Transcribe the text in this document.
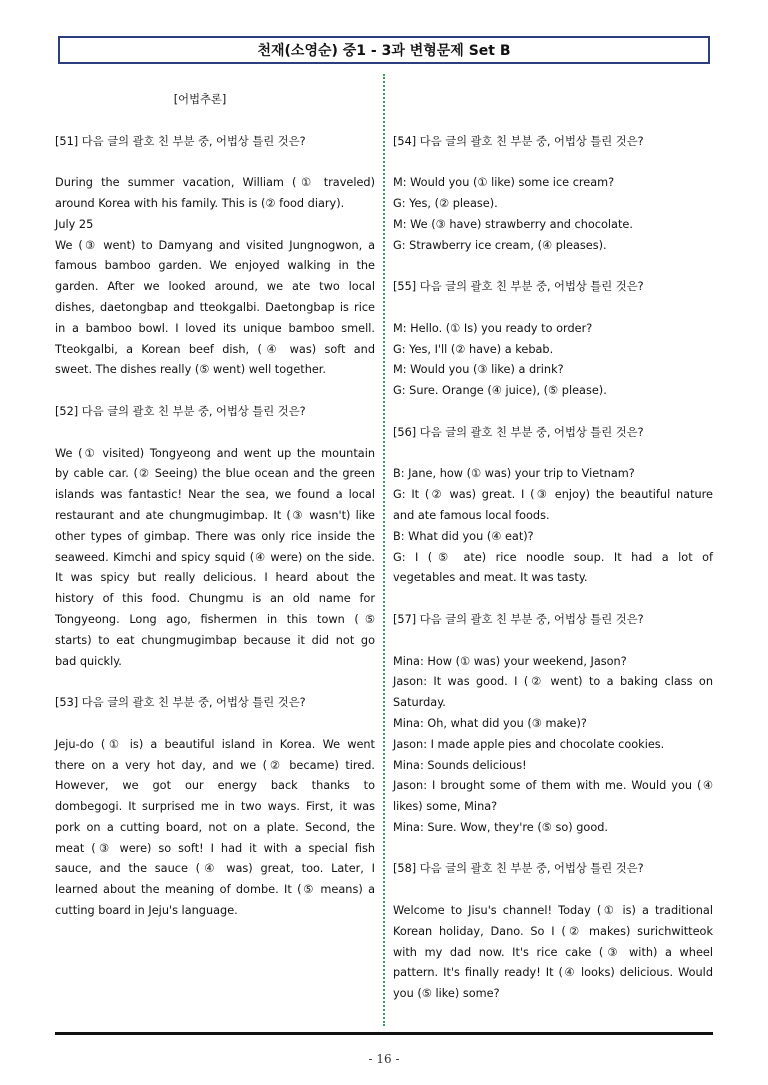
천재(소영순) 중1 - 3과 변형문제 Set B
[어법추론]
[51] 다음 글의 괄호 친 부분 중, 어법상 틀린 것은?
During the summer vacation, William (① traveled)
around Korea with his family. This is (② food diary).
July 25
We (③ went) to Damyang and visited Jungnogwon, a
famous bamboo garden. We enjoyed walking in the
garden. After we looked around, we ate two local
dishes, daetongbap and tteokgalbi. Daetongbap is rice
in a bamboo bowl. I loved its unique bamboo smell.
Tteokgalbi, a Korean beef dish, (④ was) soft and
sweet. The dishes really (⑤ went) well together.
[52] 다음 글의 괄호 친 부분 중, 어법상 틀린 것은?
We (① visited) Tongyeong and went up the mountain
by cable car. (② Seeing) the blue ocean and the green
islands was fantastic! Near the sea, we found a local
restaurant and ate chungmugimbap. It (③ wasn't) like
other types of gimbap. There was only rice inside the
seaweed. Kimchi and spicy squid (④ were) on the side.
It was spicy but really delicious. I heard about the
history of this food. Chungmu is an old name for
Tongyeong. Long ago, fishermen in this town (⑤
starts) to eat chungmugimbap because it did not go
bad quickly.
[53] 다음 글의 괄호 친 부분 중, 어법상 틀린 것은?
Jeju-do (① is) a beautiful island in Korea. We went
there on a very hot day, and we (② became) tired.
However, we got our energy back thanks to
dombegogi. It surprised me in two ways. First, it was
pork on a cutting board, not on a plate. Second, the
meat (③ were) so soft! I had it with a special fish
sauce, and the sauce (④ was) great, too. Later, I
learned about the meaning of dombe. It (⑤ means) a
cutting board in Jeju's language.
[54] 다음 글의 괄호 친 부분 중, 어법상 틀린 것은?
M: Would you (① like) some ice cream?
G: Yes, (② please).
M: We (③ have) strawberry and chocolate.
G: Strawberry ice cream, (④ pleases).
[55] 다음 글의 괄호 친 부분 중, 어법상 틀린 것은?
M: Hello. (① Is) you ready to order?
G: Yes, I'll (② have) a kebab.
M: Would you (③ like) a drink?
G: Sure. Orange (④ juice), (⑤ please).
[56] 다음 글의 괄호 친 부분 중, 어법상 틀린 것은?
B: Jane, how (① was) your trip to Vietnam?
G: It (② was) great. I (③ enjoy) the beautiful nature
and ate famous local foods.
B: What did you (④ eat)?
G: I (⑤ ate) rice noodle soup. It had a lot of
vegetables and meat. It was tasty.
[57] 다음 글의 괄호 친 부분 중, 어법상 틀린 것은?
Mina: How (① was) your weekend, Jason?
Jason: It was good. I (② went) to a baking class on
Saturday.
Mina: Oh, what did you (③ make)?
Jason: I made apple pies and chocolate cookies.
Mina: Sounds delicious!
Jason: I brought some of them with me. Would you (④
likes) some, Mina?
Mina: Sure. Wow, they're (⑤ so) good.
[58] 다음 글의 괄호 친 부분 중, 어법상 틀린 것은?
Welcome to Jisu's channel! Today (① is) a traditional
Korean holiday, Dano. So I (② makes) surichwitteok
with my dad now. It's rice cake (③ with) a wheel
pattern. It's finally ready! It (④ looks) delicious. Would
you (⑤ like) some?
- 16 -
